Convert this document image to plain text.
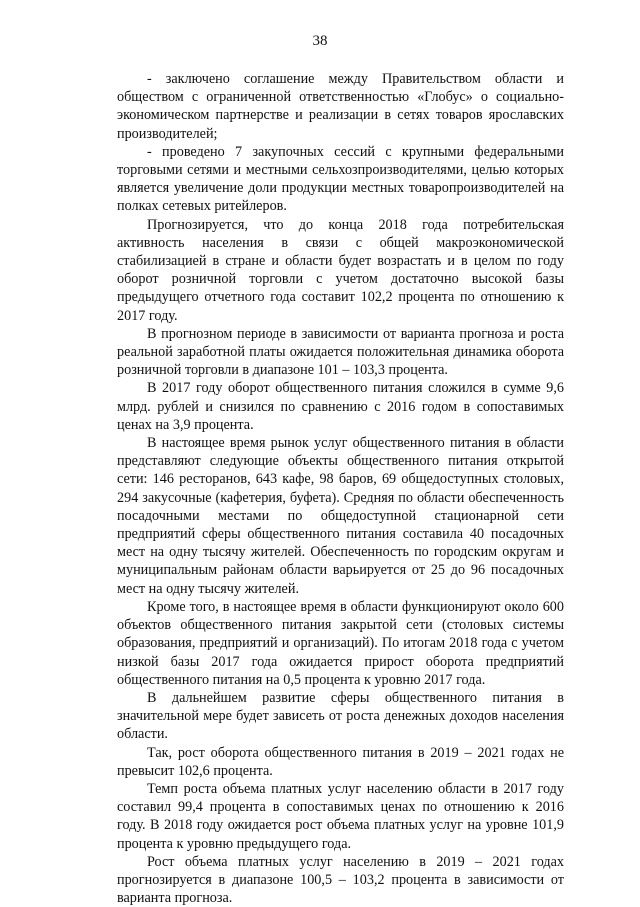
38

- заключено соглашение между Правительством области и обществом с ограниченной ответственностью «Глобус» о социально-экономическом партнерстве и реализации в сетях товаров ярославских производителей;

- проведено 7 закупочных сессий с крупными федеральными торговыми сетями и местными сельхозпроизводителями, целью которых является увеличение доли продукции местных товаропроизводителей на полках сетевых ритейлеров.

Прогнозируется, что до конца 2018 года потребительская активность населения в связи с общей макроэкономической стабилизацией в стране и области будет возрастать и в целом по году оборот розничной торговли с учетом достаточно высокой базы предыдущего отчетного года составит 102,2 процента по отношению к 2017 году.

В прогнозном периоде в зависимости от варианта прогноза и роста реальной заработной платы ожидается положительная динамика оборота розничной торговли в диапазоне 101 – 103,3 процента.

В 2017 году оборот общественного питания сложился в сумме 9,6 млрд. рублей и снизился по сравнению с 2016 годом в сопоставимых ценах на 3,9 процента.

В настоящее время рынок услуг общественного питания в области представляют следующие объекты общественного питания открытой сети: 146 ресторанов, 643 кафе, 98 баров, 69 общедоступных столовых, 294 закусочные (кафетерия, буфета). Средняя по области обеспеченность посадочными местами по общедоступной стационарной сети предприятий сферы общественного питания составила 40 посадочных мест на одну тысячу жителей. Обеспеченность по городским округам и муниципальным районам области варьируется от 25 до 96 посадочных мест на одну тысячу жителей.

Кроме того, в настоящее время в области функционируют около 600 объектов общественного питания закрытой сети (столовых системы образования, предприятий и организаций). По итогам 2018 года с учетом низкой базы 2017 года ожидается прирост оборота предприятий общественного питания на 0,5 процента к уровню 2017 года.

В дальнейшем развитие сферы общественного питания в значительной мере будет зависеть от роста денежных доходов населения области.

Так, рост оборота общественного питания в 2019 – 2021 годах не превысит 102,6 процента.

Темп роста объема платных услуг населению области в 2017 году составил 99,4 процента в сопоставимых ценах по отношению к 2016 году. В 2018 году ожидается рост объема платных услуг на уровне 101,9 процента к уровню предыдущего года.

Рост объема платных услуг населению в 2019 – 2021 годах прогнозируется в диапазоне 100,5 – 103,2 процента в зависимости от варианта прогноза.
